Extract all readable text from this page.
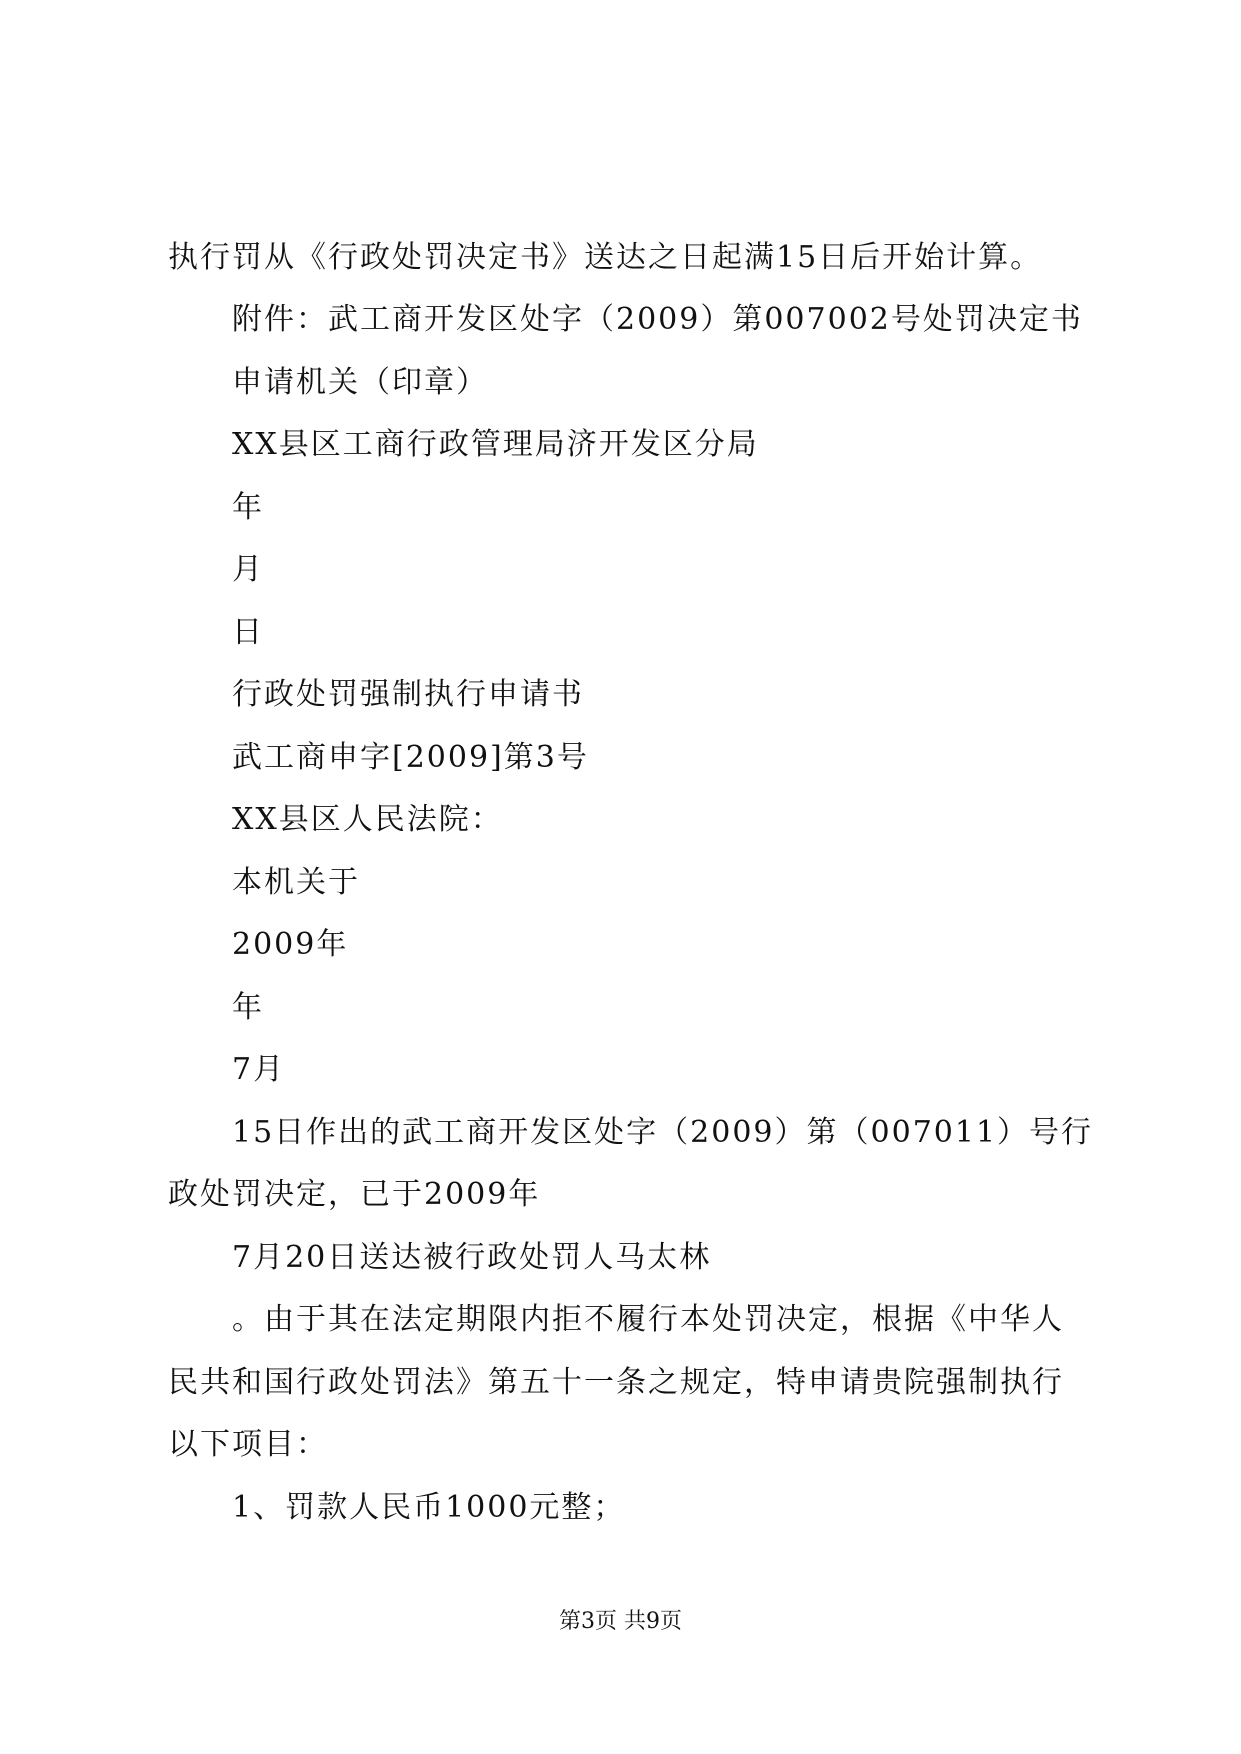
执行罚从《行政处罚决定书》送达之日起满15日后开始计算。
附件：武工商开发区处字（2009）第007002号处罚决定书
申请机关（印章）
XX县区工商行政管理局济开发区分局
年
月
日
行政处罚强制执行申请书
武工商申字[2009]第3号
XX县区人民法院：
本机关于
2009年
年
7月
15日作出的武工商开发区处字（2009）第（007011）号行
政处罚决定，已于2009年
7月20日送达被行政处罚人马太林
。由于其在法定期限内拒不履行本处罚决定，根据《中华人
民共和国行政处罚法》第五十一条之规定，特申请贵院强制执行
以下项目：
1、罚款人民币1000元整；
第3页 共9页
